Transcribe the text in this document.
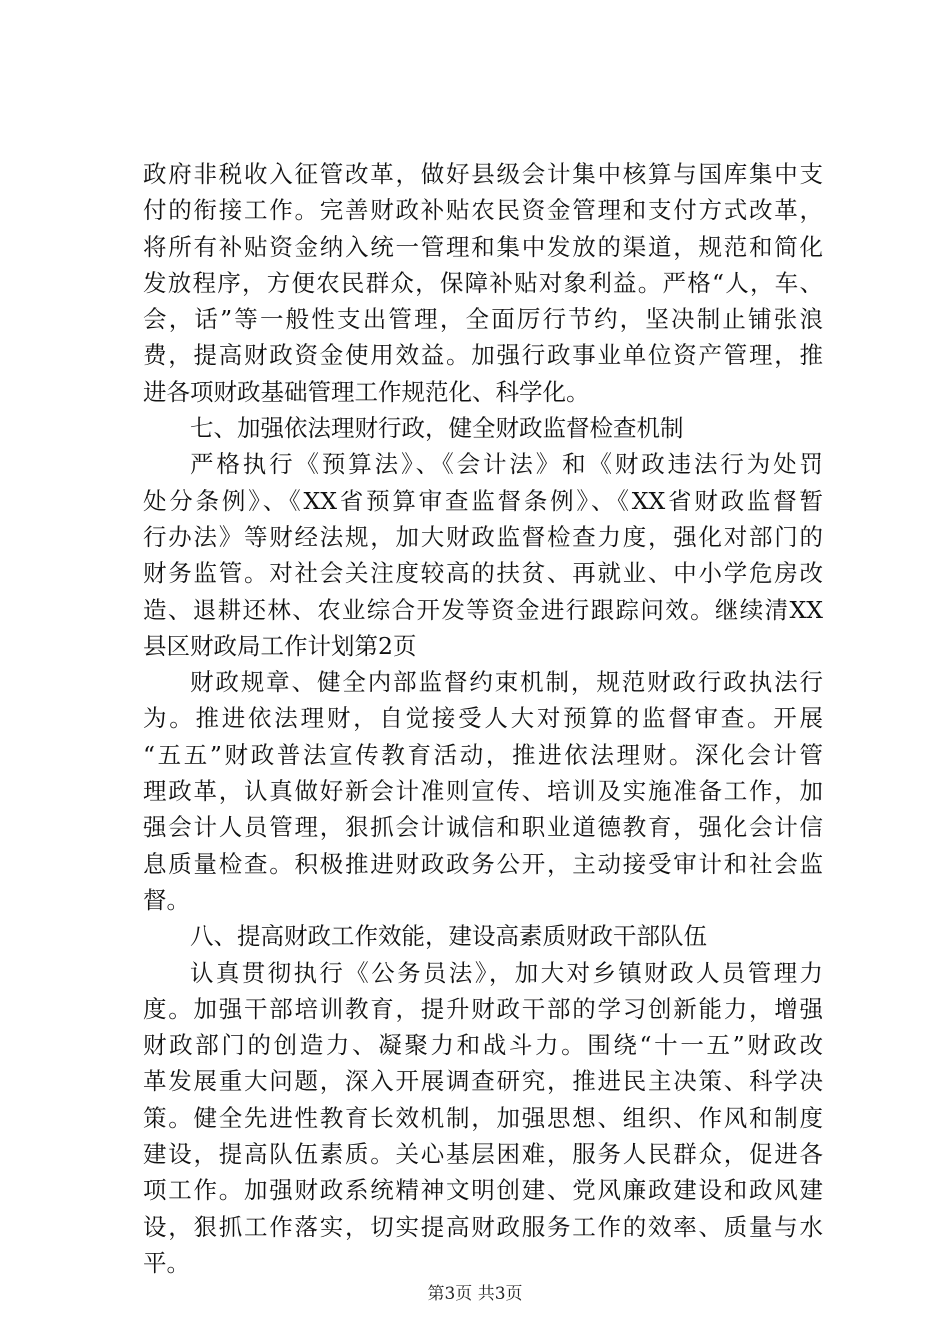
政府非税收入征管改革，做好县级会计集中核算与国库集中支
付的衔接工作。完善财政补贴农民资金管理和支付方式改革，
将所有补贴资金纳入统一管理和集中发放的渠道，规范和简化
发放程序，方便农民群众，保障补贴对象利益。严格“人，车、
会，话”等一般性支出管理，全面厉行节约，坚决制止铺张浪
费，提高财政资金使用效益。加强行政事业单位资产管理，推
进各项财政基础管理工作规范化、科学化。
七、加强依法理财行政，健全财政监督检查机制
严格执行《预算法》、《会计法》和《财政违法行为处罚
处分条例》、《XX省预算审查监督条例》、《XX省财政监督暂
行办法》等财经法规，加大财政监督检查力度，强化对部门的
财务监管。对社会关注度较高的扶贫、再就业、中小学危房改
造、退耕还林、农业综合开发等资金进行跟踪问效。继续清XX
县区财政局工作计划第2页
财政规章、健全内部监督约束机制，规范财政行政执法行
为。推进依法理财，自觉接受人大对预算的监督审查。开展
“五五”财政普法宣传教育活动，推进依法理财。深化会计管
理政革，认真做好新会计准则宣传、培训及实施准备工作，加
强会计人员管理，狠抓会计诚信和职业道德教育，强化会计信
息质量检查。积极推进财政政务公开，主动接受审计和社会监
督。
八、提高财政工作效能，建设高素质财政干部队伍
认真贯彻执行《公务员法》，加大对乡镇财政人员管理力
度。加强干部培训教育，提升财政干部的学习创新能力，增强
财政部门的创造力、凝聚力和战斗力。围绕“十一五”财政改
革发展重大问题，深入开展调查研究，推进民主决策、科学决
策。健全先进性教育长效机制，加强思想、组织、作风和制度
建设，提高队伍素质。关心基层困难，服务人民群众，促进各
项工作。加强财政系统精神文明创建、党风廉政建设和政风建
设，狠抓工作落实，切实提高财政服务工作的效率、质量与水
平。
第3页 共3页
